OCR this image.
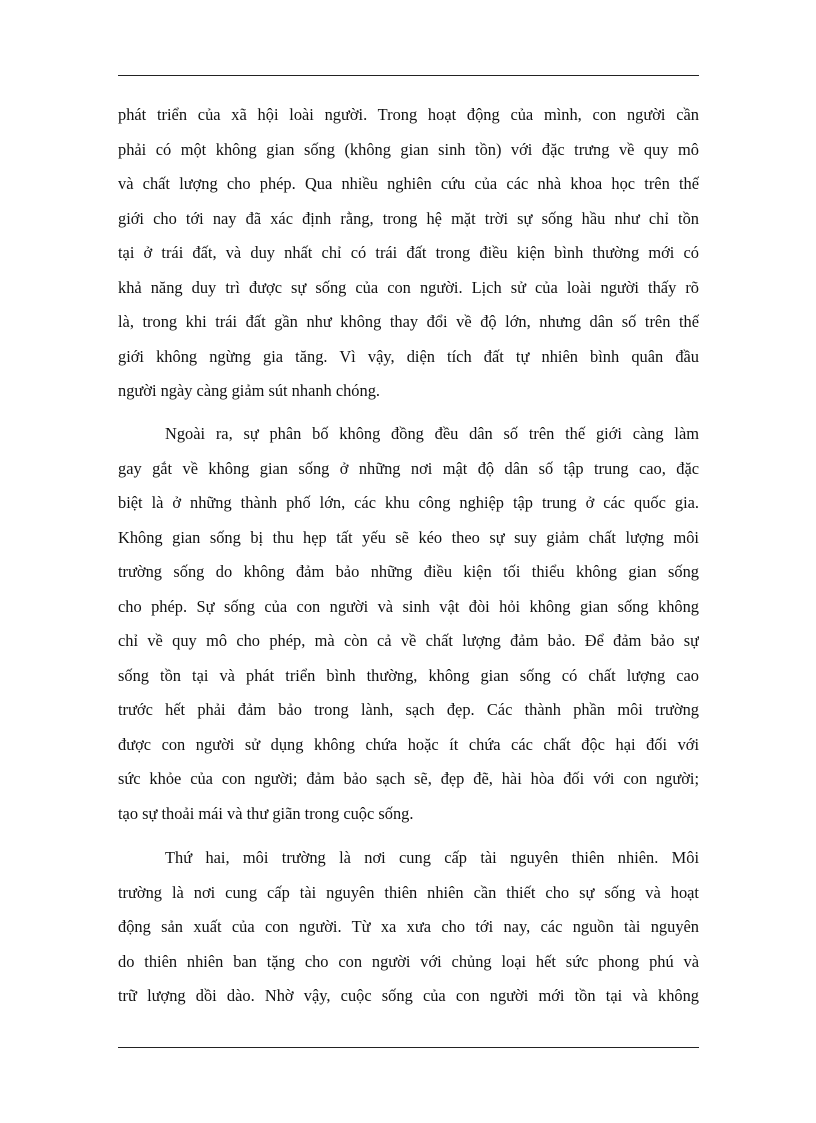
phát triển của xã hội loài người. Trong hoạt động của mình, con người cần
phải có một không gian sống (không gian sinh tồn) với đặc trưng về quy mô
và chất lượng cho phép. Qua nhiều nghiên cứu của các nhà khoa học trên thế
giới cho tới nay đã xác định rằng, trong hệ mặt trời sự sống hầu như chỉ tồn
tại ở trái đất, và duy nhất chỉ có trái đất trong điều kiện bình thường mới có
khả năng duy trì được sự sống của con người. Lịch sử của loài người thấy rõ
là, trong khi trái đất gần như không thay đổi về độ lớn, nhưng dân số trên thế
giới không ngừng gia tăng. Vì vậy, diện tích đất tự nhiên bình quân đầu
người ngày càng giảm sút nhanh chóng.
Ngoài ra, sự phân bố không đồng đều dân số trên thế giới càng làm
gay gắt về không gian sống ở những nơi mật độ dân số tập trung cao, đặc
biệt là ở những thành phố lớn, các khu công nghiệp tập trung ở các quốc gia.
Không gian sống bị thu hẹp tất yếu sẽ kéo theo sự suy giảm chất lượng môi
trường sống do không đảm bảo những điều kiện tối thiểu không gian sống
cho phép. Sự sống của con người và sinh vật đòi hỏi không gian sống không
chỉ về quy mô cho phép, mà còn cả về chất lượng đảm bảo. Để đảm bảo sự
sống tồn tại và phát triển bình thường, không gian sống có chất lượng cao
trước hết phải đảm bảo trong lành, sạch đẹp. Các thành phần môi trường
được con người sử dụng không chứa hoặc ít chứa các chất độc hại đối với
sức khỏe của con người; đảm bảo sạch sẽ, đẹp đẽ, hài hòa đối với con người;
tạo sự thoải mái và thư giãn trong cuộc sống.
Thứ hai, môi trường là nơi cung cấp tài nguyên thiên nhiên. Môi
trường là nơi cung cấp tài nguyên thiên nhiên cần thiết cho sự sống và hoạt
động sản xuất của con người. Từ xa xưa cho tới nay, các nguồn tài nguyên
do thiên nhiên ban tặng cho con người với chủng loại hết sức phong phú và
trữ lượng dồi dào. Nhờ vậy, cuộc sống của con người mới tồn tại và không
